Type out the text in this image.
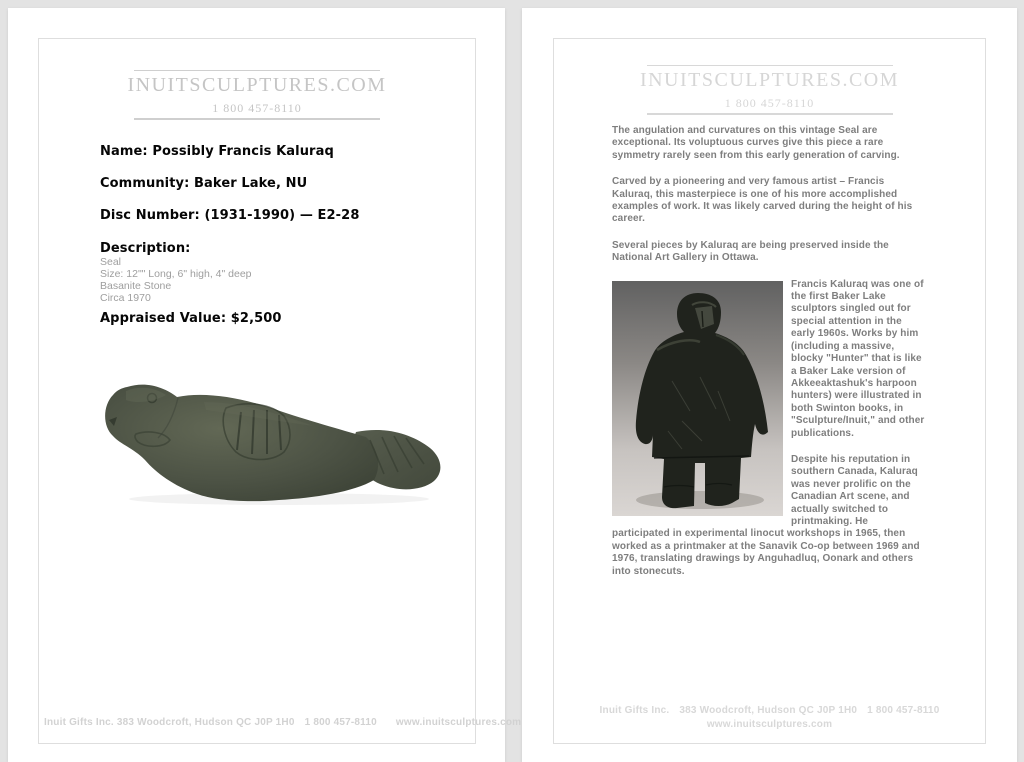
INUITSCULPTURES.COM
1 800 457-8110
Name: Possibly Francis Kaluraq
Community: Baker Lake, NU
Disc Number: (1931-1990) — E2-28
Description:
Seal
Size: 12"" Long, 6" high, 4" deep
Basanite Stone
Circa 1970
Appraised Value: $2,500
Inuit Gifts Inc. 383 Woodcroft, Hudson QC J0P 1H0 1 800 457-8110 www.inuitsculptures.com
INUITSCULPTURES.COM
1 800 457-8110

The angulation and curvatures on this vintage Seal are exceptional. Its voluptuous curves give this piece a rare symmetry rarely seen from this early generation of carving.

Carved by a pioneering and very famous artist – Francis Kaluraq, this masterpiece is one of his more accomplished examples of work. It was likely carved during the height of his career.

Several pieces by Kaluraq are being preserved inside the National Art Gallery in Ottawa.

Francis Kaluraq was one of the first Baker Lake sculptors singled out for special attention in the early 1960s. Works by him (including a massive, blocky "Hunter" that is like a Baker Lake version of Akkeeaktashuk's harpoon hunters) were illustrated in both Swinton books, in "Sculpture/Inuit," and other publications.

Despite his reputation in southern Canada, Kaluraq was never prolific on the Canadian Art scene, and actually switched to printmaking. He participated in experimental linocut workshops in 1965, then worked as a printmaker at the Sanavik Co-op between 1969 and 1976, translating drawings by Anguhadluq, Oonark and others into stonecuts.

Inuit Gifts Inc. 383 Woodcroft, Hudson QC J0P 1H0 1 800 457-8110
www.inuitsculptures.com
